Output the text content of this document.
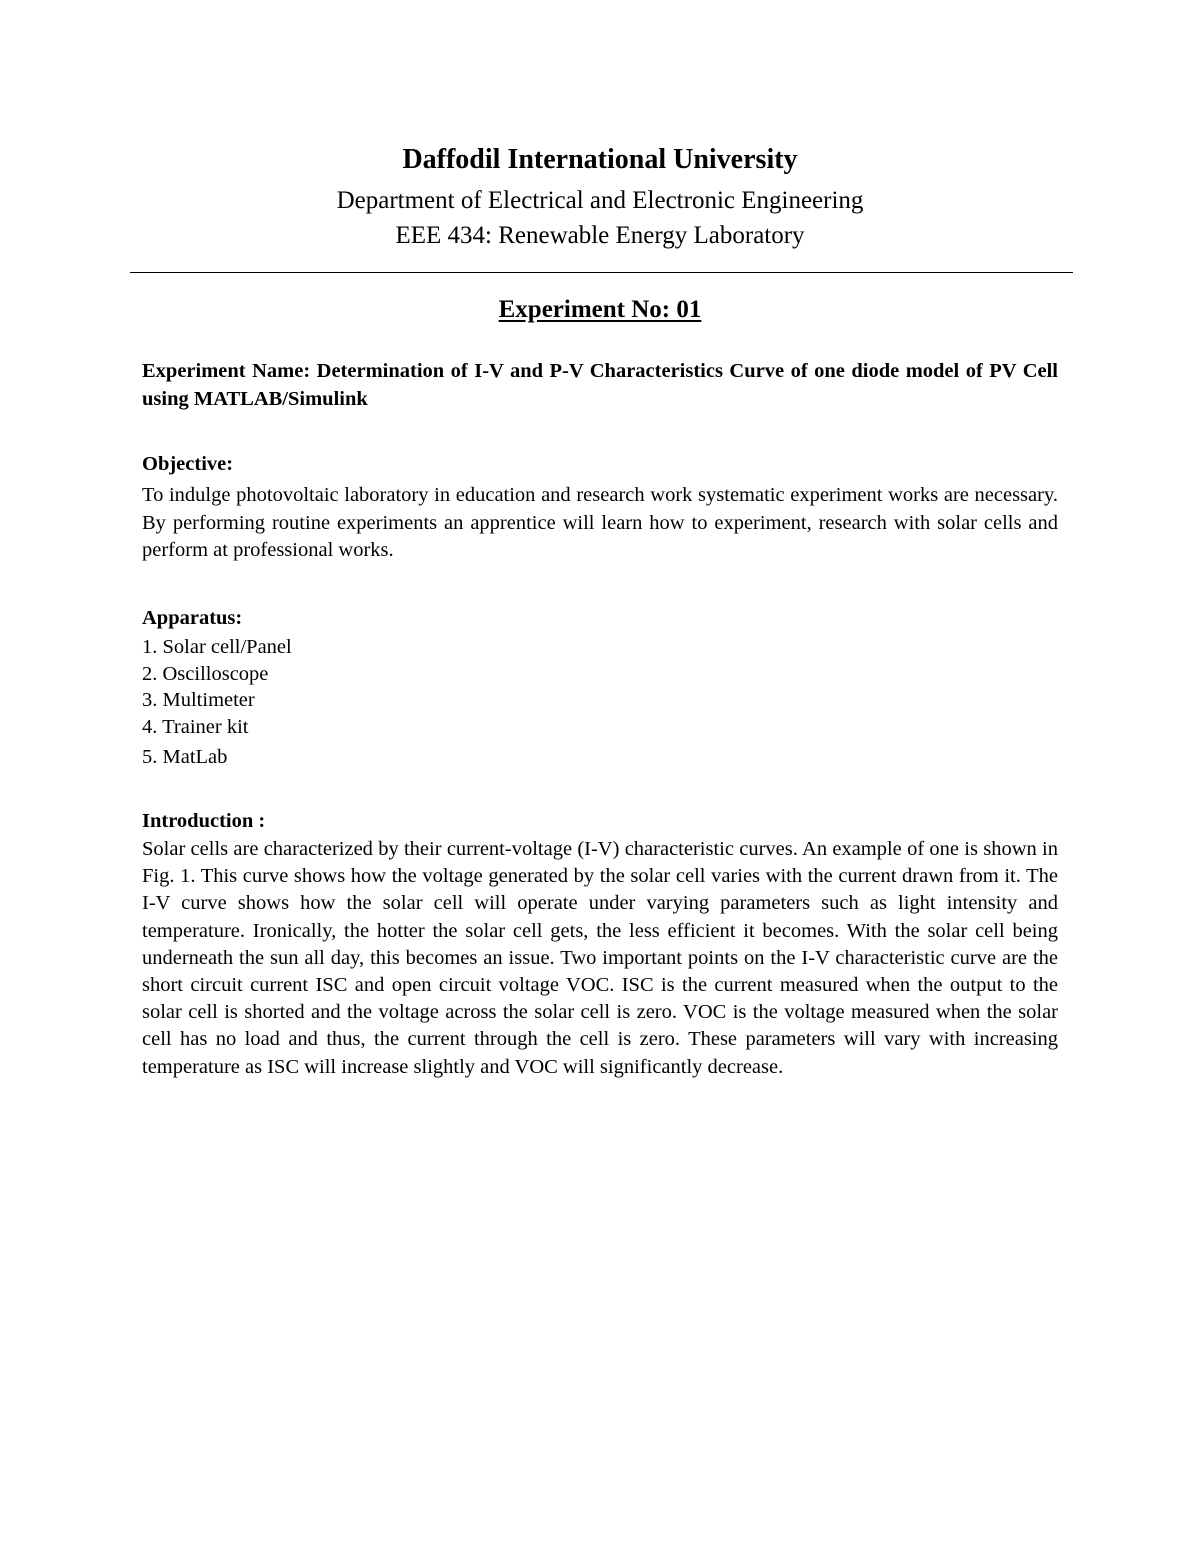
Daffodil International University
Department of Electrical and Electronic Engineering
EEE 434: Renewable Energy Laboratory
Experiment No: 01
Experiment Name: Determination of I-V and P-V Characteristics Curve of one diode model of PV Cell using MATLAB/Simulink
Objective:
To indulge photovoltaic laboratory in education and research work systematic experiment works are necessary. By performing routine experiments an apprentice will learn how to experiment, research with solar cells and perform at professional works.
Apparatus:
1. Solar cell/Panel
2. Oscilloscope
3. Multimeter
4. Trainer kit
5. MatLab
Introduction :
Solar cells are characterized by their current-voltage (I-V) characteristic curves. An example of one is shown in Fig. 1. This curve shows how the voltage generated by the solar cell varies with the current drawn from it. The I-V curve shows how the solar cell will operate under varying parameters such as light intensity and temperature. Ironically, the hotter the solar cell gets, the less efficient it becomes. With the solar cell being underneath the sun all day, this becomes an issue. Two important points on the I-V characteristic curve are the short circuit current ISC and open circuit voltage VOC. ISC is the current measured when the output to the solar cell is shorted and the voltage across the solar cell is zero. VOC is the voltage measured when the solar cell has no load and thus, the current through the cell is zero. These parameters will vary with increasing temperature as ISC will increase slightly and VOC will significantly decrease.
